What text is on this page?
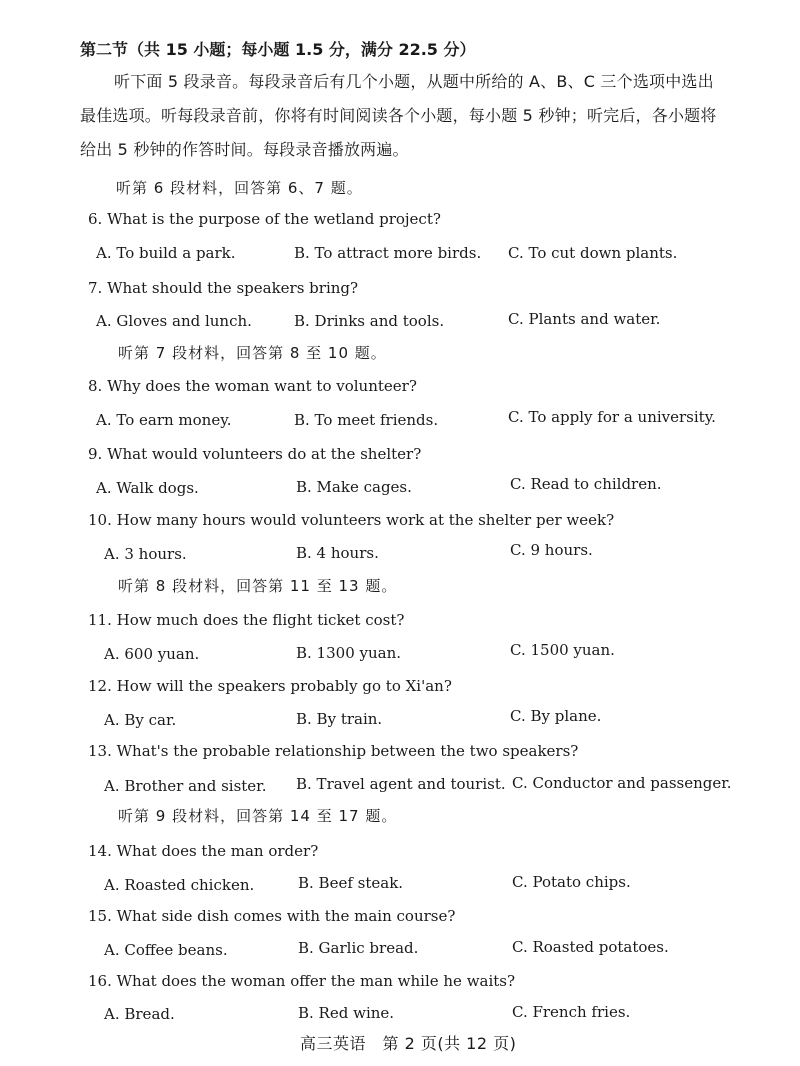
第二节（共 15 小题；每小题 1.5 分，满分 22.5 分）
听下面 5 段录音。每段录音后有几个小题，从题中所给的 A、B、C 三个选项中选出
最佳选项。听每段录音前，你将有时间阅读各个小题，每小题 5 秒钟；听完后，各小题将
给出 5 秒钟的作答时间。每段录音播放两遍。
听第 6 段材料，回答第 6、7 题。
6. What is the purpose of the wetland project?
A. To build a park.	B. To attract more birds. C. To cut down plants.
7. What should the speakers bring?
A. Gloves and lunch.	B. Drinks and tools.	C. Plants and water.
听第 7 段材料，回答第 8 至 10 题。
8. Why does the woman want to volunteer?
A. To earn money.	B. To meet friends.	C. To apply for a university.
9. What would volunteers do at the shelter?
A. Walk dogs.	B. Make cages.	C. Read to children.
10. How many hours would volunteers work at the shelter per week?
A. 3 hours.	B. 4 hours.	C. 9 hours.
听第 8 段材料，回答第 11 至 13 题。
11. How much does the flight ticket cost?
A. 600 yuan.	B. 1300 yuan.	C. 1500 yuan.
12. How will the speakers probably go to Xi'an?
A. By car.	B. By train.	C. By plane.
13. What's the probable relationship between the two speakers?
A. Brother and sister. B. Travel agent and tourist. C. Conductor and passenger.
听第 9 段材料，回答第 14 至 17 题。
14. What does the man order?
A. Roasted chicken.	B. Beef steak.	C. Potato chips.
15. What side dish comes with the main course?
A. Coffee beans.	B. Garlic bread.	C. Roasted potatoes.
16. What does the woman offer the man while he waits?
A. Bread.	B. Red wine.	C. French fries.
高三英语　第 2 页(共 12 页)
